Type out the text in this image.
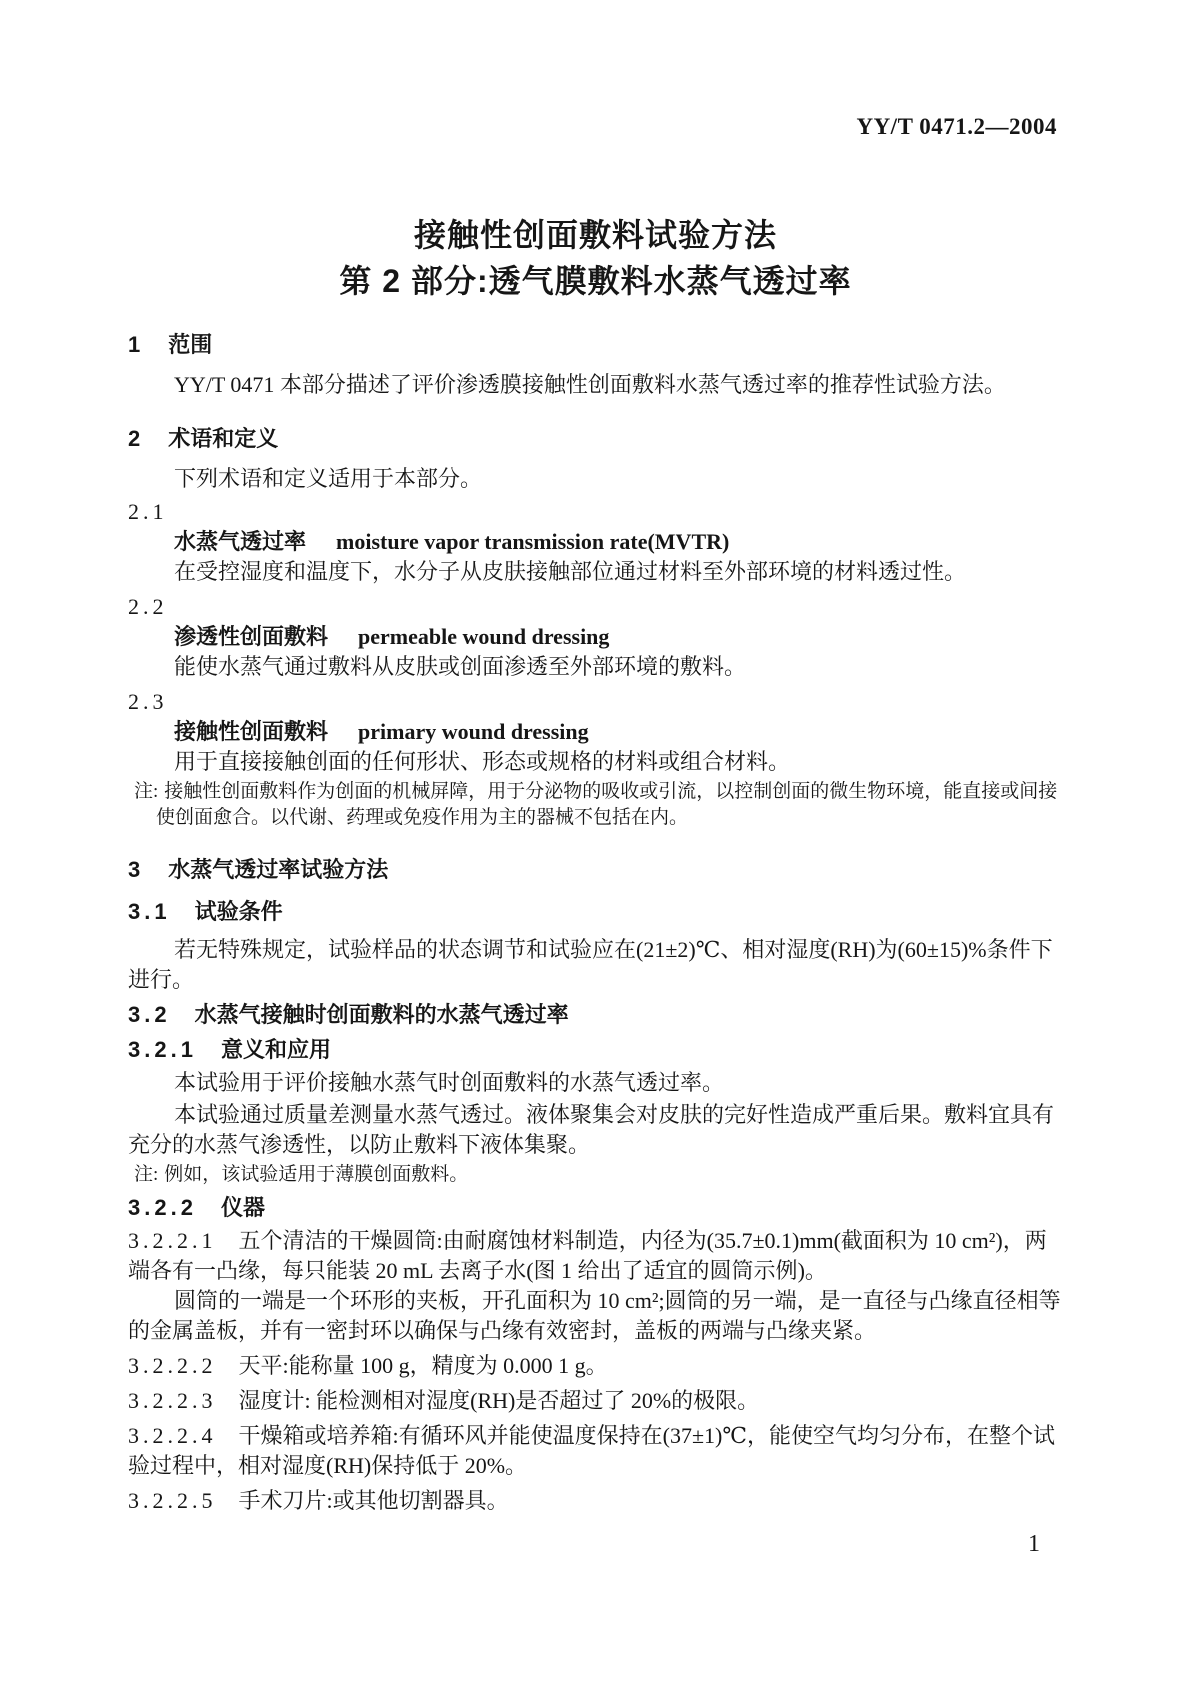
YY/T 0471.2—2004
接触性创面敷料试验方法
第 2 部分:透气膜敷料水蒸气透过率
1 范围

YY/T 0471 本部分描述了评价渗透膜接触性创面敷料水蒸气透过率的推荐性试验方法。

2 术语和定义

下列术语和定义适用于本部分。

2.1
水蒸气透过率 moisture vapor transmission rate(MVTR)

在受控湿度和温度下，水分子从皮肤接触部位通过材料至外部环境的材料透过性。

2.2
渗透性创面敷料 permeable wound dressing

能使水蒸气通过敷料从皮肤或创面渗透至外部环境的敷料。

2.3
接触性创面敷料 primary wound dressing

用于直接接触创面的任何形状、形态或规格的材料或组合材料。

注: 接触性创面敷料作为创面的机械屏障，用于分泌物的吸收或引流，以控制创面的微生物环境，能直接或间接使创面愈合。以代谢、药理或免疫作用为主的器械不包括在内。

3 水蒸气透过率试验方法
3.1 试验条件

若无特殊规定，试验样品的状态调节和试验应在(21±2)℃、相对湿度(RH)为(60±15)%条件下进行。

3.2 水蒸气接触时创面敷料的水蒸气透过率
3.2.1 意义和应用

本试验用于评价接触水蒸气时创面敷料的水蒸气透过率。

本试验通过质量差测量水蒸气透过。液体聚集会对皮肤的完好性造成严重后果。敷料宜具有充分的水蒸气渗透性，以防止敷料下液体集聚。

注: 例如，该试验适用于薄膜创面敷料。

3.2.2 仪器

3.2.2.1 五个清洁的干燥圆筒:由耐腐蚀材料制造，内径为(35.7±0.1)mm(截面积为 10 cm²)，两端各有一凸缘，每只能装 20 mL 去离子水(图 1 给出了适宜的圆筒示例)。

圆筒的一端是一个环形的夹板，开孔面积为 10 cm²;圆筒的另一端，是一直径与凸缘直径相等的金属盖板，并有一密封环以确保与凸缘有效密封，盖板的两端与凸缘夹紧。

3.2.2.2 天平:能称量 100 g，精度为 0.000 1 g。

3.2.2.3 湿度计: 能检测相对湿度(RH)是否超过了 20%的极限。

3.2.2.4 干燥箱或培养箱:有循环风并能使温度保持在(37±1)℃，能使空气均匀分布，在整个试验过程中，相对湿度(RH)保持低于 20%。

3.2.2.5 手术刀片:或其他切割器具。

1
